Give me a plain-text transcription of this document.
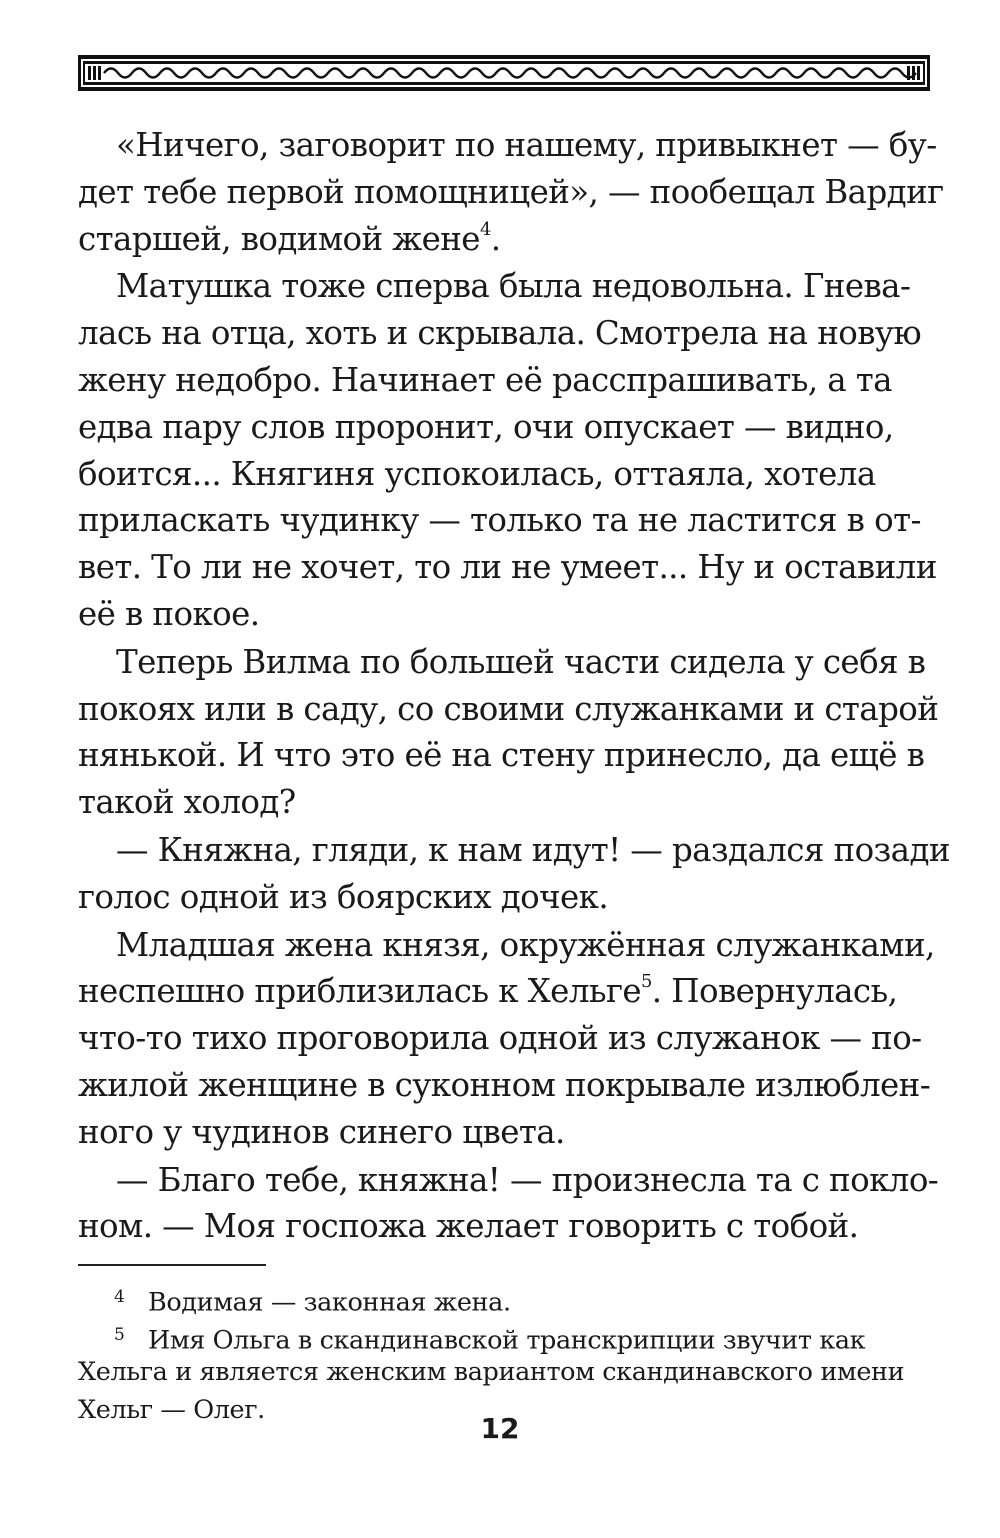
«Ничего, заговорит по нашему, привыкнет — бу-
дет тебе первой помощницей», — пообещал Вардиг
старшей, водимой жене$^4$.
Матушка тоже сперва была недовольна. Гнева-
лась на отца, хоть и скрывала. Смотрела на новую
жену недобро. Начинает её расспрашивать, а та
едва пару слов проронит, очи опускает — видно,
боится... Княгиня успокоилась, оттаяла, хотела
приласкать чудинку — только та не ластится в от-
вет. То ли не хочет, то ли не умеет... Ну и оставили
её в покое.
Теперь Вилма по большей части сидела у себя в
покоях или в саду, со своими служанками и старой
нянькой. И что это её на стену принесло, да ещё в
такой холод?
— Княжна, гляди, к нам идут! — раздался позади
голос одной из боярских дочек.
Младшая жена князя, окружённая служанками,
неспешно приблизилась к Хельге$^5$. Повернулась,
что-то тихо проговорила одной из служанок — по-
жилой женщине в суконном покрывале излюблен-
ного у чудинов синего цвета.
— Благо тебе, княжна! — произнесла та с покло-
ном. — Моя госпожа желает говорить с тобой.
4 Водимая — законная жена.
5 Имя Ольга в скандинавской транскрипции звучит как
Хельга и является женским вариантом скандинавского имени
Хельг — Олег.
12
